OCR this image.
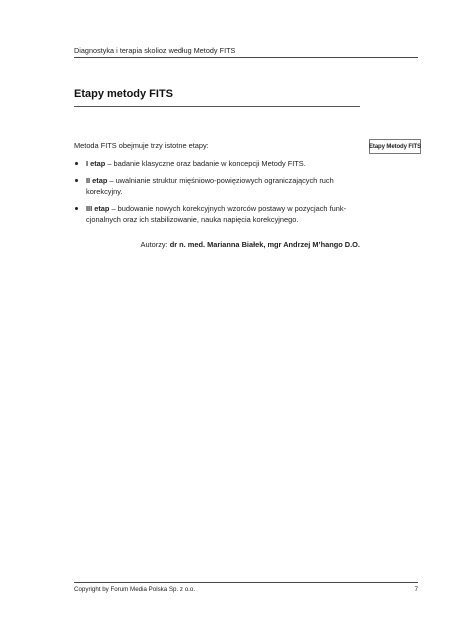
Diagnostyka i terapia skolioz według Metody FITS
Etapy metody FITS
Etapy Metody FITS

Metoda FITS obejmuje trzy istotne etapy:

I etap – badanie klasyczne oraz badanie w koncepcji Metody FITS.
II etap – uwalnianie struktur mięśniowo-powięziowych ograniczających ruch korekcyjny.
III etap – budowanie nowych korekcyjnych wzorców postawy w pozycjach funkcjonalnych oraz ich stabilizowanie, nauka napięcia korekcyjnego.
Autorzy: dr n. med. Marianna Białek, mgr Andrzej M’hango D.O.
Copyright by Forum Media Polska Sp. z o.o.	7
